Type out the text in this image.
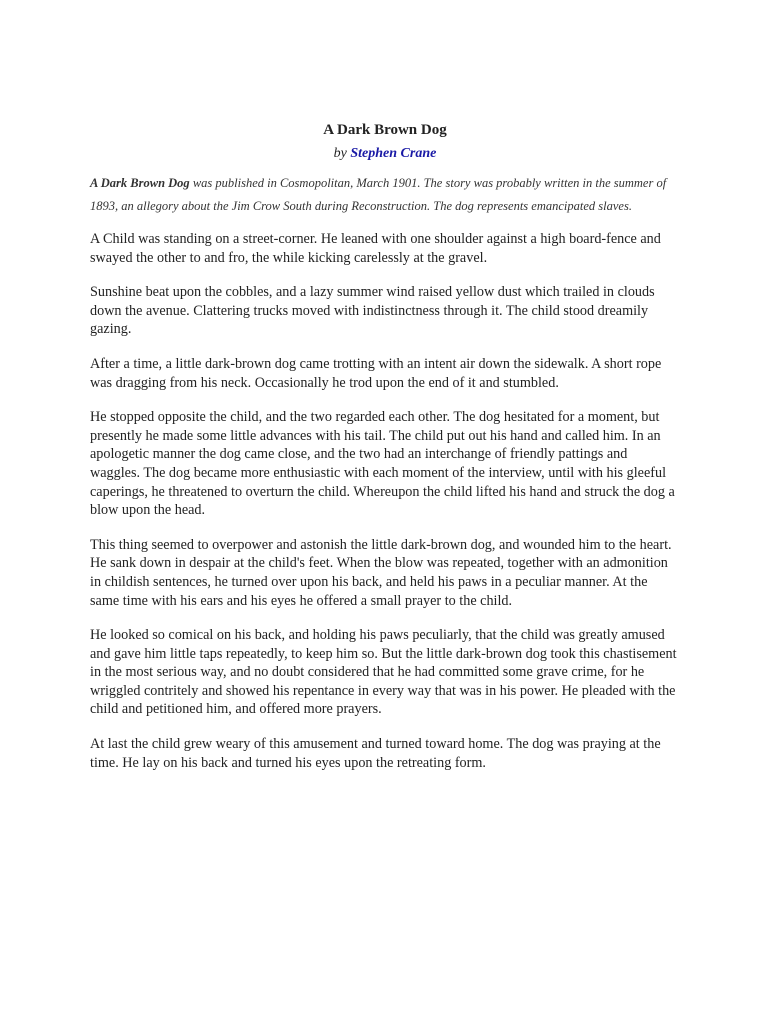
A Dark Brown Dog
by Stephen Crane

A Dark Brown Dog was published in Cosmopolitan, March 1901. The story was probably written in the summer of 1893, an allegory about the Jim Crow South during Reconstruction. The dog represents emancipated slaves.

A Child was standing on a street-corner. He leaned with one shoulder against a high board-fence and swayed the other to and fro, the while kicking carelessly at the gravel.

Sunshine beat upon the cobbles, and a lazy summer wind raised yellow dust which trailed in clouds down the avenue. Clattering trucks moved with indistinctness through it. The child stood dreamily gazing.

After a time, a little dark-brown dog came trotting with an intent air down the sidewalk. A short rope was dragging from his neck. Occasionally he trod upon the end of it and stumbled.

He stopped opposite the child, and the two regarded each other. The dog hesitated for a moment, but presently he made some little advances with his tail. The child put out his hand and called him. In an apologetic manner the dog came close, and the two had an interchange of friendly pattings and waggles. The dog became more enthusiastic with each moment of the interview, until with his gleeful caperings, he threatened to overturn the child. Whereupon the child lifted his hand and struck the dog a blow upon the head.

This thing seemed to overpower and astonish the little dark-brown dog, and wounded him to the heart. He sank down in despair at the child's feet. When the blow was repeated, together with an admonition in childish sentences, he turned over upon his back, and held his paws in a peculiar manner. At the same time with his ears and his eyes he offered a small prayer to the child.

He looked so comical on his back, and holding his paws peculiarly, that the child was greatly amused and gave him little taps repeatedly, to keep him so. But the little dark-brown dog took this chastisement in the most serious way, and no doubt considered that he had committed some grave crime, for he wriggled contritely and showed his repentance in every way that was in his power. He pleaded with the child and petitioned him, and offered more prayers.

At last the child grew weary of this amusement and turned toward home. The dog was praying at the time. He lay on his back and turned his eyes upon the retreating form.
